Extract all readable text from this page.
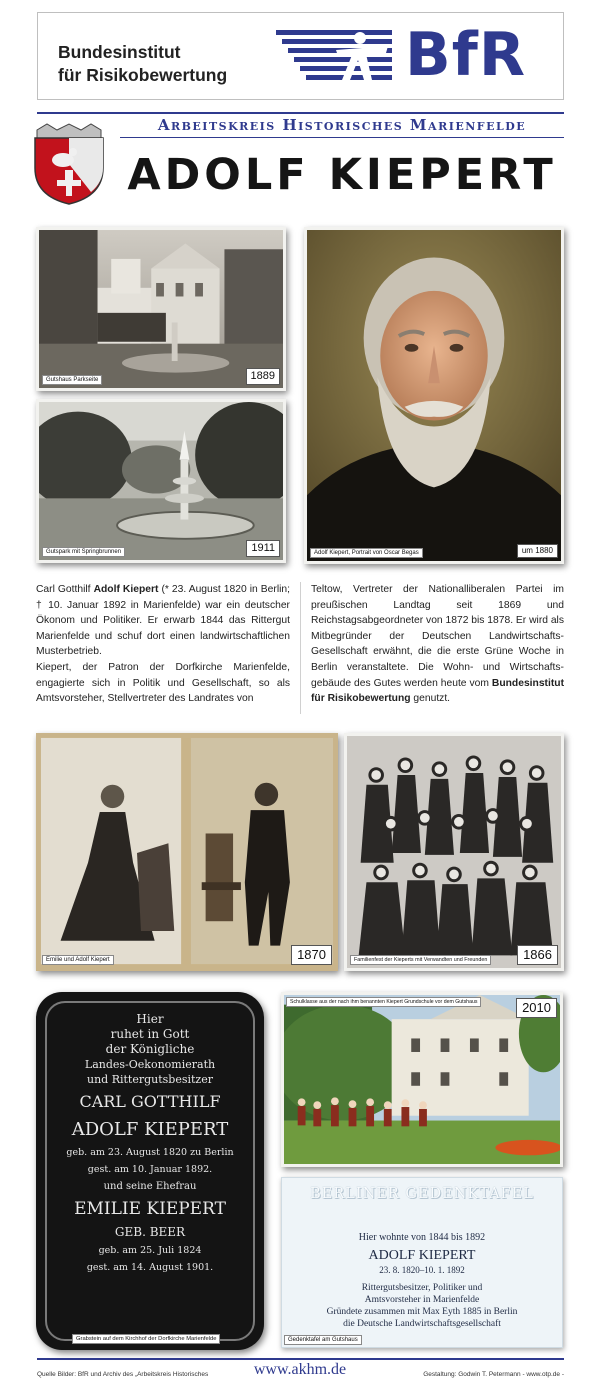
Bundesinstitut
für Risikobewertung	BfR
Arbeitskreis Historisches Marienfelde
ADOLF KIEPERT
Gutshaus Parkseite	1889
Gutspark mit Springbrunnen	1911	Adolf Kiepert, Portrait von Oscar Begas	um 1880

Carl Gotthilf Adolf Kiepert (* 23. August 1820 in Berlin; † 10. Januar 1892 in Marienfelde) war ein deutscher Ökonom und Politiker. Er erwarb 1844 das Rittergut Marienfelde und schuf dort einen landwirtschaftlichen Musterbetrieb.

Kiepert, der Patron der Dorfkirche Marienfelde, engagierte sich in Politik und Gesellschaft, so als Amtsvorsteher, Stellvertreter des Landrates von

Teltow, Vertreter der Nationalliberalen Partei im preußischen Landtag seit 1869 und Reichstagsabgeordneter von 1872 bis 1878. Er wird als Mitbegründer der Deutschen Landwirtschafts-Gesellschaft erwähnt, die die erste Grüne Woche in Berlin veranstaltete. Die Wohn- und Wirtschafts-gebäude des Gutes werden heute vom Bundesinstitut für Risikobewertung genutzt.

Emilie und Adolf Kiepert	1870	Familienfest der Kieperts mit Verwandten und Freunden	1866
Hier
ruhet in Gott
der Königliche
Landes-Oekonomierath
und Rittergutsbesitzer
CARL GOTTHILF
ADOLF KIEPERT
geb. am 23. August 1820 zu Berlin
gest. am 10. Januar 1892.
und seine Ehefrau
EMILIE KIEPERT
GEB. BEER
geb. am 25. Juli 1824
gest. am 14. August 1901.
Grabstein auf dem Kirchhof der Dorfkirche Marienfelde
Schulklasse aus der nach ihm benannten Kiepert Grundschule vor dem Gutshaus	2010
BERLINER GEDENKTAFEL
Hier wohnte von 1844 bis 1892
ADOLF KIEPERT
23. 8. 1820–10. 1. 1892
Rittergutsbesitzer, Politiker und
Amtsvorsteher in Marienfelde
Gründete zusammen mit Max Eyth 1885 in Berlin
die Deutsche Landwirtschaftsgesellschaft
Gedenktafel am Gutshaus
Quelle Bilder: BfR und Archiv des „Arbeitskreis Historisches	www.akhm.de	Gestaltung: Godwin T. Petermann - www.otp.de -
